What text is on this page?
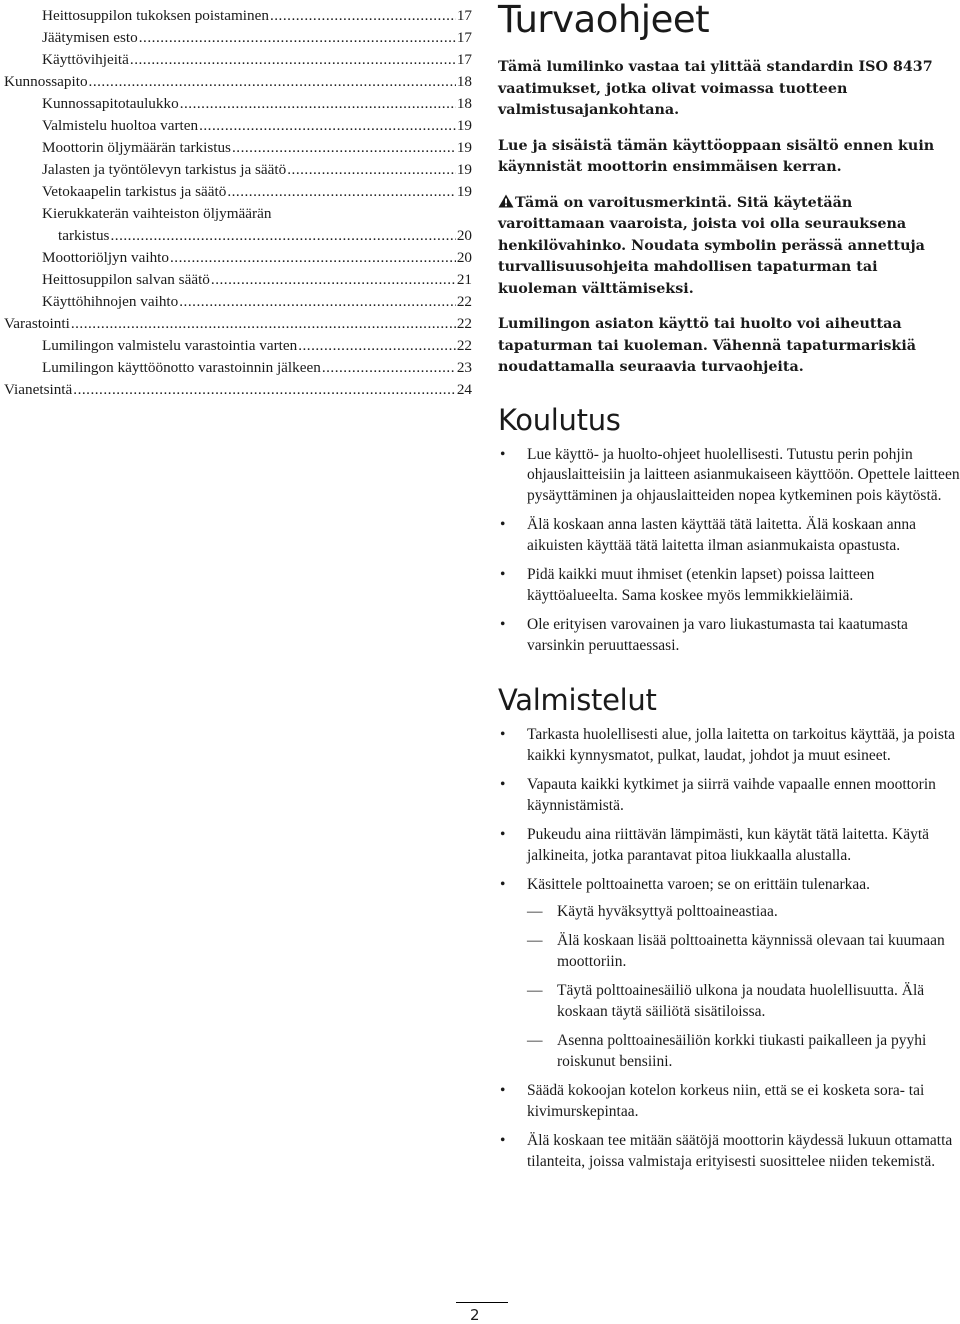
Heittosuppilon tukoksen poistaminen .....	17
Jäätymisen esto .....	17
Käyttövihjeitä .....	17
Kunnossapito .....	18
Kunnossapitotaulukko .....	18
Valmistelu huoltoa varten .....	19
Moottorin öljymäärän tarkistus .....	19
Jalasten ja työntölevyn tarkistus ja säätö .....	19
Vetokaapelin tarkistus ja säätö .....	19
Kierukkaterän vaihteiston öljymäärän
tarkistus .....	20
Moottoriöljyn vaihto .....	20
Heittosuppilon salvan säätö .....	21
Käyttöhihnojen vaihto .....	22
Varastointi .....	22
Lumilingon valmistelu varastointia varten .....	22
Lumilingon käyttöönotto varastoinnin jälkeen .....	23
Vianetsintä .....	24
Turvaohjeet

Tämä lumilinko vastaa tai ylittää standardin ISO 8437 vaatimukset, jotka olivat voimassa tuotteen valmistusajankohtana.

Lue ja sisäistä tämän käyttöoppaan sisältö ennen kuin käynnistät moottorin ensimmäisen kerran.

Tämä on varoitusmerkintä. Sitä käytetään varoittamaan vaaroista, joista voi olla seurauksena henkilövahinko. Noudata symbolin perässä annettuja turvallisuusohjeita mahdollisen tapaturman tai kuoleman välttämiseksi.

Lumilingon asiaton käyttö tai huolto voi aiheuttaa tapaturman tai kuoleman. Vähennä tapaturmariskiä noudattamalla seuraavia turvaohjeita.

Koulutus
• Lue käyttö- ja huolto-ohjeet huolellisesti. Tutustu perin pohjin ohjauslaitteisiin ja laitteen asianmukaiseen käyttöön. Opettele laitteen pysäyttäminen ja ohjauslaitteiden nopea kytkeminen pois käytöstä.
• Älä koskaan anna lasten käyttää tätä laitetta. Älä koskaan anna aikuisten käyttää tätä laitetta ilman asianmukaista opastusta.
• Pidä kaikki muut ihmiset (etenkin lapset) poissa laitteen käyttöalueelta. Sama koskee myös lemmikkieläimiä.
• Ole erityisen varovainen ja varo liukastumasta tai kaatumasta varsinkin peruuttaessasi.
Valmistelut
• Tarkasta huolellisesti alue, jolla laitetta on tarkoitus käyttää, ja poista kaikki kynnysmatot, pulkat, laudat, johdot ja muut esineet.
• Vapauta kaikki kytkimet ja siirrä vaihde vapaalle ennen moottorin käynnistämistä.
• Pukeudu aina riittävän lämpimästi, kun käytät tätä laitetta. Käytä jalkineita, jotka parantavat pitoa liukkaalla alustalla.
• Käsittele polttoainetta varoen; se on erittäin tulenarkaa.
— Käytä hyväksyttyä polttoaineastiaa.
— Älä koskaan lisää polttoainetta käynnissä olevaan tai kuumaan moottoriin.
— Täytä polttoainesäiliö ulkona ja noudata huolellisuutta. Älä koskaan täytä säiliötä sisätiloissa.
— Asenna polttoainesäiliön korkki tiukasti paikalleen ja pyyhi roiskunut bensiini.
• Säädä kokoojan kotelon korkeus niin, että se ei kosketa sora- tai kivimurskepintaa.
• Älä koskaan tee mitään säätöjä moottorin käydessä lukuun ottamatta tilanteita, joissa valmistaja erityisesti suosittelee niiden tekemistä.
2
